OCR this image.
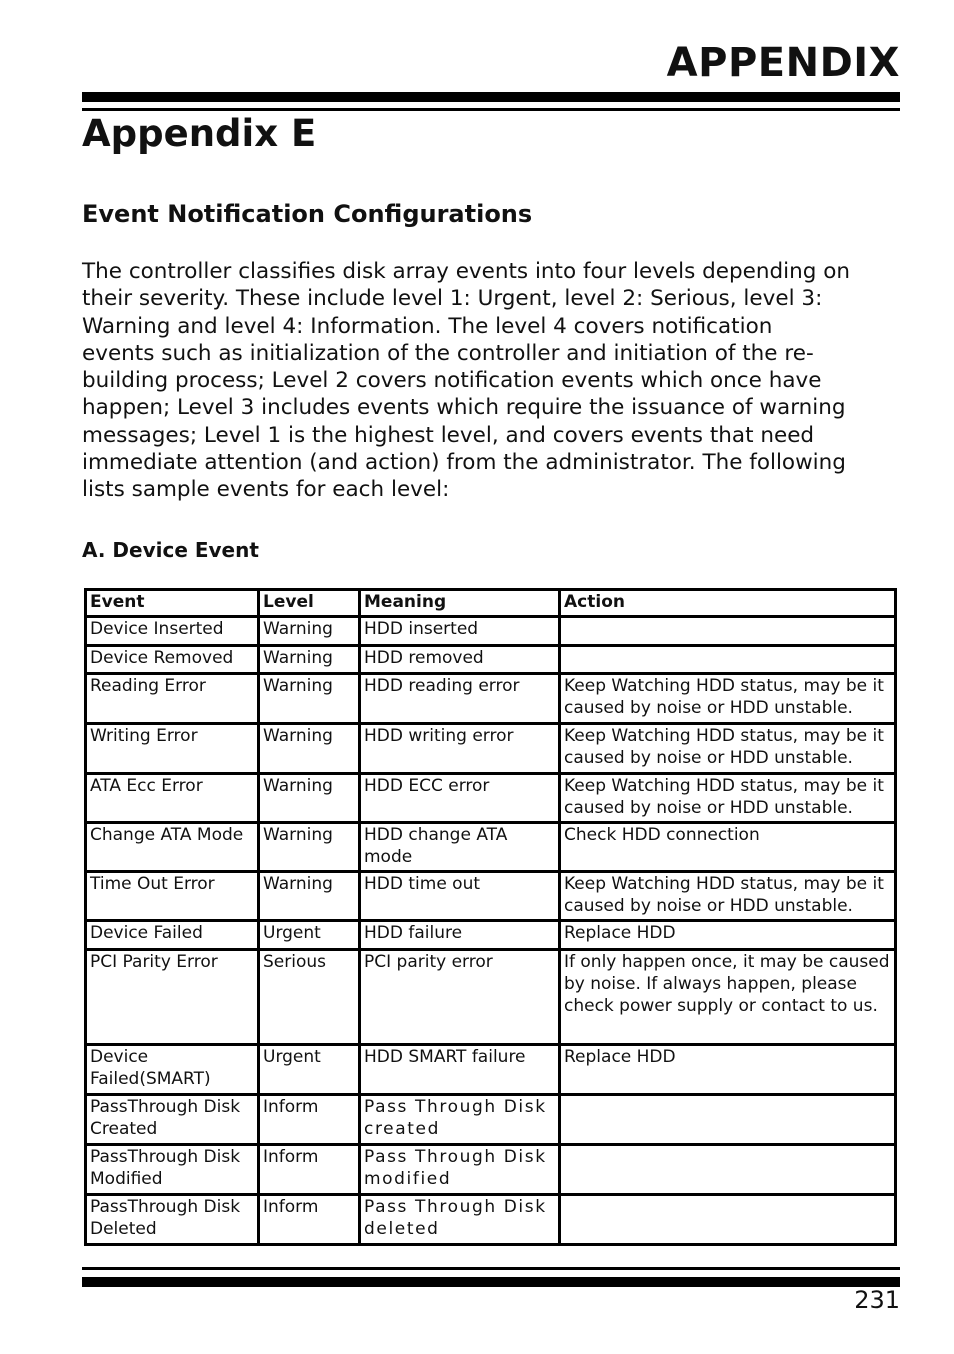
APPENDIX
Appendix E
Event Notification Configurations

The controller classifies disk array events into four levels depending on
their severity. These include level 1: Urgent, level 2: Serious, level 3:
Warning and level 4: Information. The level 4 covers notification
events such as initialization of the controller and initiation of the re-
building process; Level 2 covers notification events which once have
happen; Level 3 includes events which require the issuance of warning
messages; Level 1 is the highest level, and covers events that need
immediate attention (and action) from the administrator. The following
lists sample events for each level:

A. Device Event
Event	Level	Meaning	Action
Device Inserted	Warning	HDD inserted	
Device Removed	Warning	HDD removed	
Reading Error	Warning	HDD reading error	Keep Watching HDD status, may be it caused by noise or HDD unstable.
Writing Error	Warning	HDD writing error	Keep Watching HDD status, may be it caused by noise or HDD unstable.
ATA Ecc Error	Warning	HDD ECC error	Keep Watching HDD status, may be it caused by noise or HDD unstable.
Change ATA Mode	Warning	HDD change ATA mode	Check HDD connection
Time Out Error	Warning	HDD time out	Keep Watching HDD status, may be it caused by noise or HDD unstable.
Device Failed	Urgent	HDD failure	Replace HDD
PCI Parity Error	Serious	PCI parity error	If only happen once, it may be caused by noise. If always happen, please check power supply or contact to us.
Device Failed(SMART)	Urgent	HDD SMART failure	Replace HDD
PassThrough Disk Created	Inform	Pass Through Disk created	
PassThrough Disk Modified	Inform	Pass Through Disk modified	
PassThrough Disk Deleted	Inform	Pass Through Disk deleted	
231
